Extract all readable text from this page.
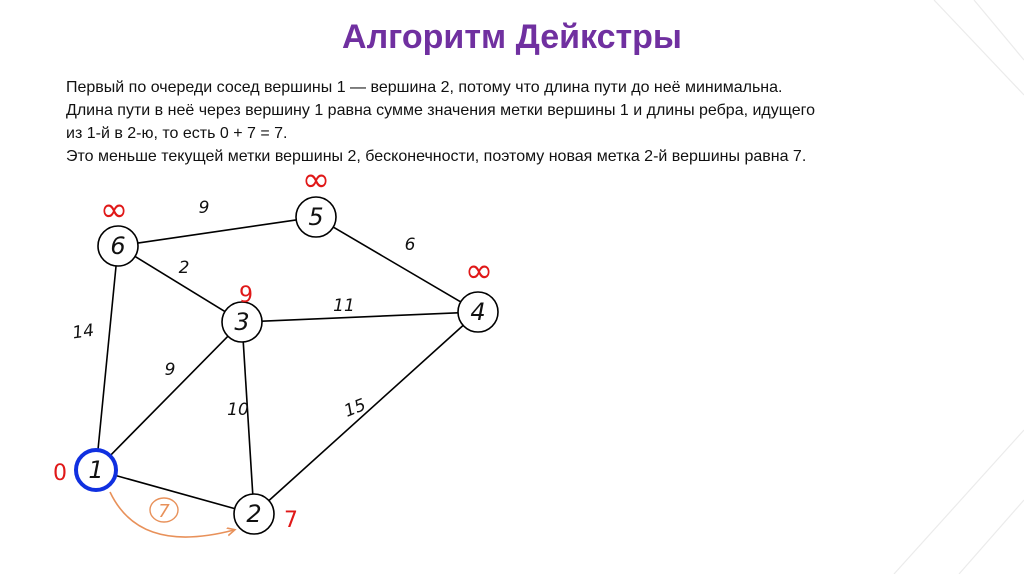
Алгоритм Дейкстры
Первый по очереди сосед вершины 1 — вершина 2, потому что длина пути до неё минимальна.
Длина пути в неё через вершину 1 равна сумме значения метки вершины 1 и длины ребра, идущего
из 1-й в 2-ю, то есть 0 + 7 = 7.
Это меньше текущей метки вершины 2, бесконечности, поэтому новая метка 2-й вершины равна 7.
7
1
0
2 7
3
9
4
∞
5
∞
6
∞	9
6
2
11
14
9
10	15
